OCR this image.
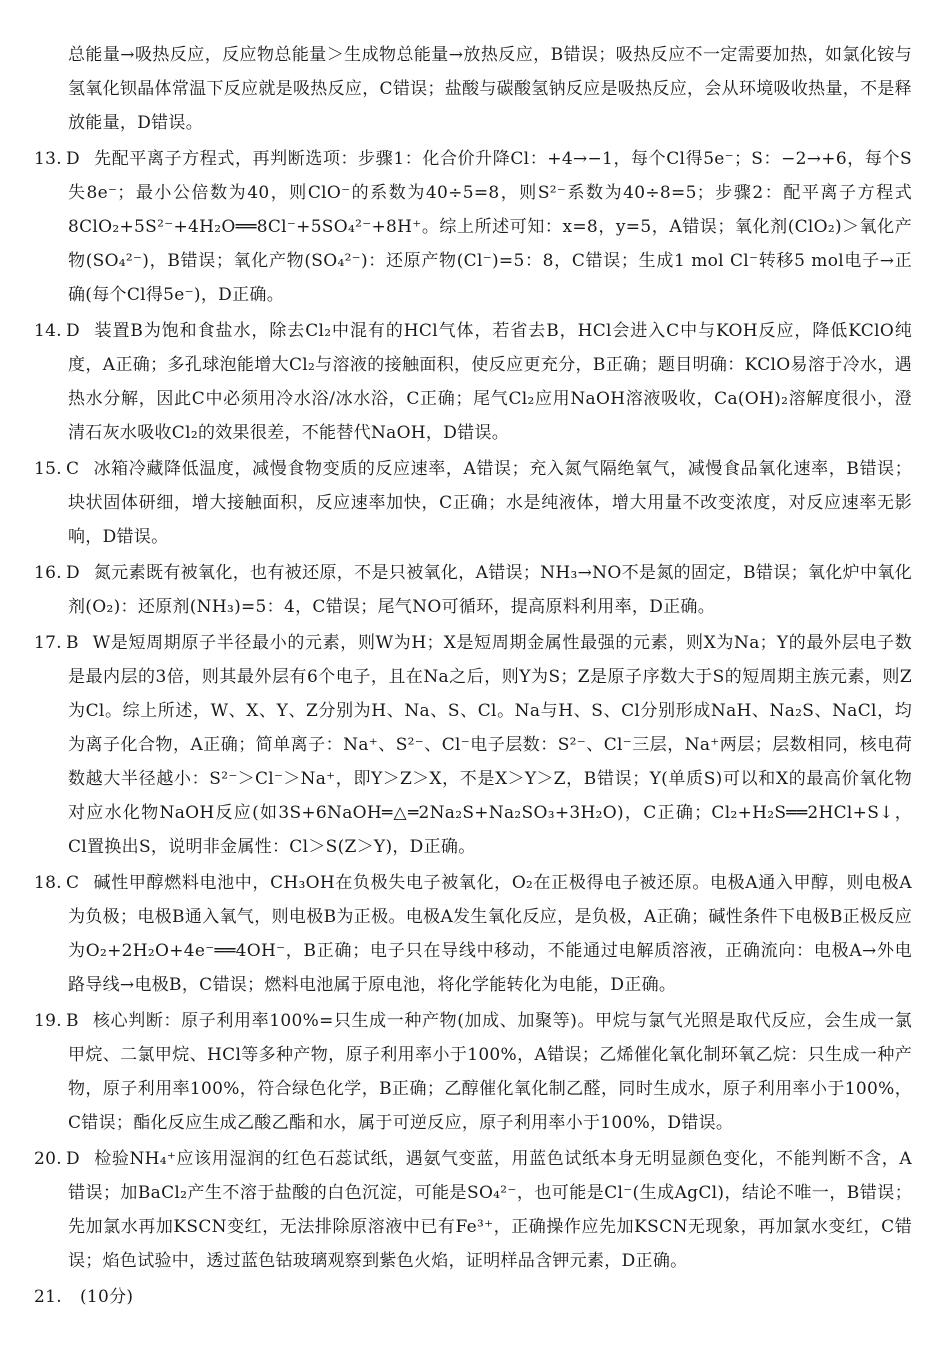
总能量→吸热反应，反应物总能量＞生成物总能量→放热反应，B错误；吸热反应不一定需要加热，如氯化铵与氢氧化钡晶体常温下反应就是吸热反应，C错误；盐酸与碳酸氢钠反应是吸热反应，会从环境吸收热量，不是释放能量，D错误。

13. D 先配平离子方程式，再判断选项：步骤1：化合价升降Cl：+4→−1，每个Cl得5e⁻；S：−2→+6，每个S失8e⁻；最小公倍数为40，则ClO⁻的系数为40÷5=8，则S²⁻系数为40÷8=5；步骤2：配平离子方程式8ClO₂+5S²⁻+4H₂O══8Cl⁻+5SO₄²⁻+8H⁺。综上所述可知：x=8，y=5，A错误；氧化剂(ClO₂)＞氧化产物(SO₄²⁻)，B错误；氧化产物(SO₄²⁻)：还原产物(Cl⁻)=5：8，C错误；生成1 mol Cl⁻转移5 mol电子→正确(每个Cl得5e⁻)，D正确。

14. D 装置B为饱和食盐水，除去Cl₂中混有的HCl气体，若省去B，HCl会进入C中与KOH反应，降低KClO纯度，A正确；多孔球泡能增大Cl₂与溶液的接触面积，使反应更充分，B正确；题目明确：KClO易溶于冷水，遇热水分解，因此C中必须用冷水浴/冰水浴，C正确；尾气Cl₂应用NaOH溶液吸收，Ca(OH)₂溶解度很小，澄清石灰水吸收Cl₂的效果很差，不能替代NaOH，D错误。

15. C 冰箱冷藏降低温度，减慢食物变质的反应速率，A错误；充入氮气隔绝氧气，减慢食品氧化速率，B错误；块状固体研细，增大接触面积，反应速率加快，C正确；水是纯液体，增大用量不改变浓度，对反应速率无影响，D错误。

16. D 氮元素既有被氧化，也有被还原，不是只被氧化，A错误；NH₃→NO不是氮的固定，B错误；氧化炉中氧化剂(O₂)：还原剂(NH₃)=5：4，C错误；尾气NO可循环，提高原料利用率，D正确。

17. B W是短周期原子半径最小的元素，则W为H；X是短周期金属性最强的元素，则X为Na；Y的最外层电子数是最内层的3倍，则其最外层有6个电子，且在Na之后，则Y为S；Z是原子序数大于S的短周期主族元素，则Z为Cl。综上所述，W、X、Y、Z分别为H、Na、S、Cl。Na与H、S、Cl分别形成NaH、Na₂S、NaCl，均为离子化合物，A正确；简单离子：Na⁺、S²⁻、Cl⁻电子层数：S²⁻、Cl⁻三层，Na⁺两层；层数相同，核电荷数越大半径越小：S²⁻＞Cl⁻＞Na⁺，即Y＞Z＞X，不是X＞Y＞Z，B错误；Y(单质S)可以和X的最高价氧化物对应水化物NaOH反应(如3S+6NaOH═△═2Na₂S+Na₂SO₃+3H₂O)，C正确；Cl₂+H₂S══2HCl+S↓，Cl置换出S，说明非金属性：Cl＞S(Z＞Y)，D正确。

18. C 碱性甲醇燃料电池中，CH₃OH在负极失电子被氧化，O₂在正极得电子被还原。电极A通入甲醇，则电极A为负极；电极B通入氧气，则电极B为正极。电极A发生氧化反应，是负极，A正确；碱性条件下电极B正极反应为O₂+2H₂O+4e⁻══4OH⁻，B正确；电子只在导线中移动，不能通过电解质溶液，正确流向：电极A→外电路导线→电极B，C错误；燃料电池属于原电池，将化学能转化为电能，D正确。

19. B 核心判断：原子利用率100%=只生成一种产物(加成、加聚等)。甲烷与氯气光照是取代反应，会生成一氯甲烷、二氯甲烷、HCl等多种产物，原子利用率小于100%，A错误；乙烯催化氧化制环氧乙烷：只生成一种产物，原子利用率100%，符合绿色化学，B正确；乙醇催化氧化制乙醛，同时生成水，原子利用率小于100%，C错误；酯化反应生成乙酸乙酯和水，属于可逆反应，原子利用率小于100%，D错误。

20. D 检验NH₄⁺应该用湿润的红色石蕊试纸，遇氨气变蓝，用蓝色试纸本身无明显颜色变化，不能判断不含，A错误；加BaCl₂产生不溶于盐酸的白色沉淀，可能是SO₄²⁻，也可能是Cl⁻(生成AgCl)，结论不唯一，B错误；先加氯水再加KSCN变红，无法排除原溶液中已有Fe³⁺，正确操作应先加KSCN无现象，再加氯水变红，C错误；焰色试验中，透过蓝色钴玻璃观察到紫色火焰，证明样品含钾元素，D正确。

21. (10分)
